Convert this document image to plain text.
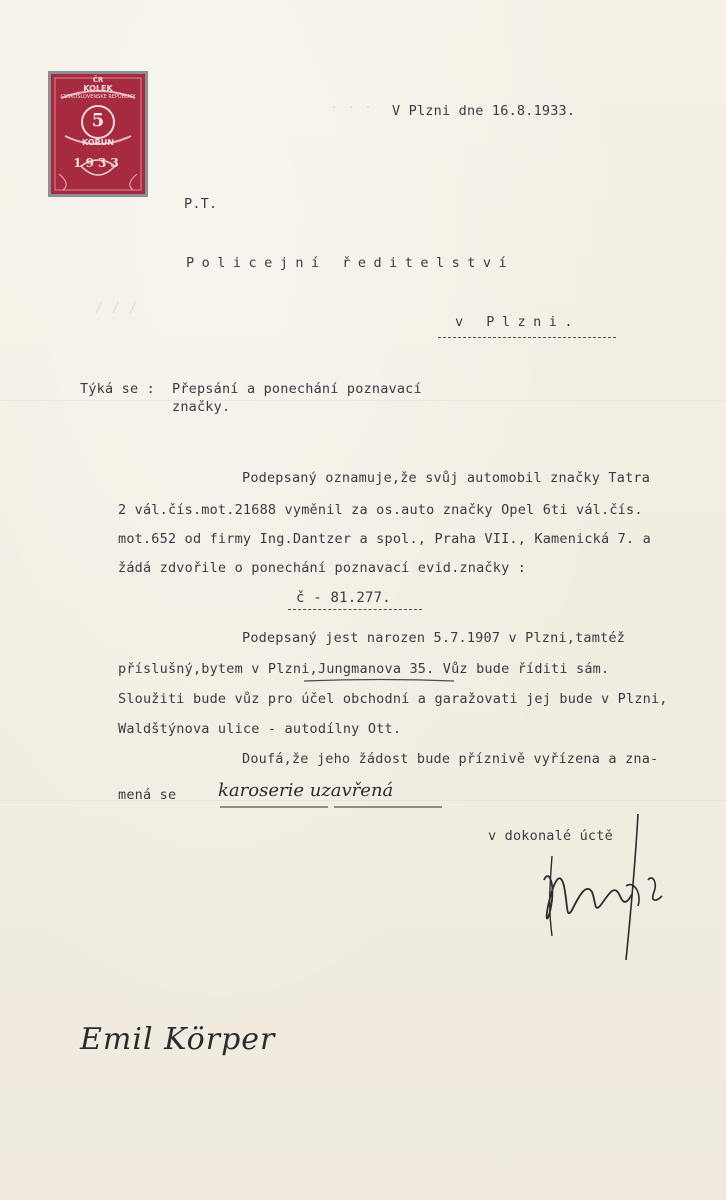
· · ·
/ / /
ČR
KOLEK
ČESKOSLOVENSKÉ REPUBLIKY
5
KORUN
1933
V Plzni dne 16.8.1933.
P.T.
Policejní ředitelství
v Plzni.
Týká se : Přepsání a ponechání poznavací
značky.
Podepsaný oznamuje,že svůj automobil značky Tatra
2 vál.čís.mot.21688 vyměnil za os.auto značky Opel 6ti vál.čís.
mot.652 od firmy Ing.Dantzer a spol., Praha VII., Kamenická 7. a
žádá zdvořile o ponechání poznavací evid.značky :
č - 81.277.
Podepsaný jest narozen 5.7.1907 v Plzni,tamtéž
příslušný,bytem v Plzni,Jungmanova 35. Vůz bude říditi sám.
Sloužiti bude vůz pro účel obchodní a garažovati jej bude v Plzni,
Waldštýnova ulice - autodílny Ott.
Doufá,že jeho žádost bude příznivě vyřízena a zna-
mená se karoserie uzavřená
v dokonalé úctě
Emil Körper
